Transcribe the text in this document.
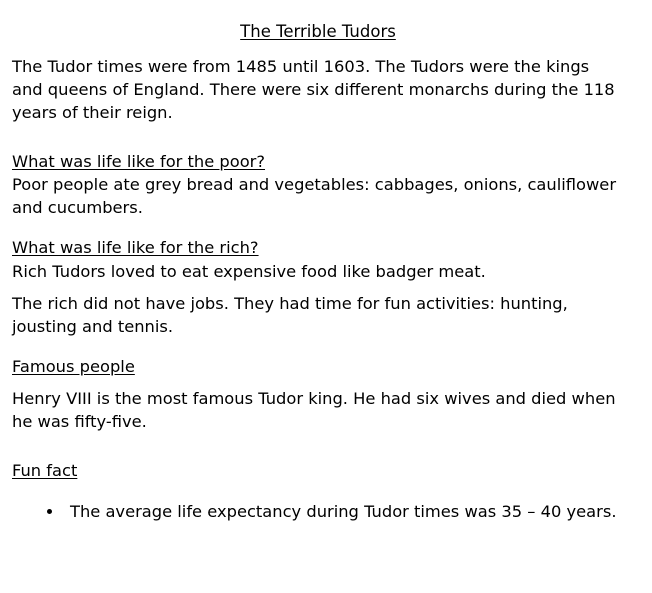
The Terrible Tudors

The Tudor times were from 1485 until 1603. The Tudors were the kings and queens of England. There were six different monarchs during the 118 years of their reign.

What was life like for the poor?

Poor people ate grey bread and vegetables: cabbages, onions, cauliflower and cucumbers.

What was life like for the rich?

Rich Tudors loved to eat expensive food like badger meat.

The rich did not have jobs. They had time for fun activities: hunting, jousting and tennis.

Famous people

Henry VIII is the most famous Tudor king. He had six wives and died when he was fifty-five.

Fun fact
• The average life expectancy during Tudor times was 35 – 40 years.
